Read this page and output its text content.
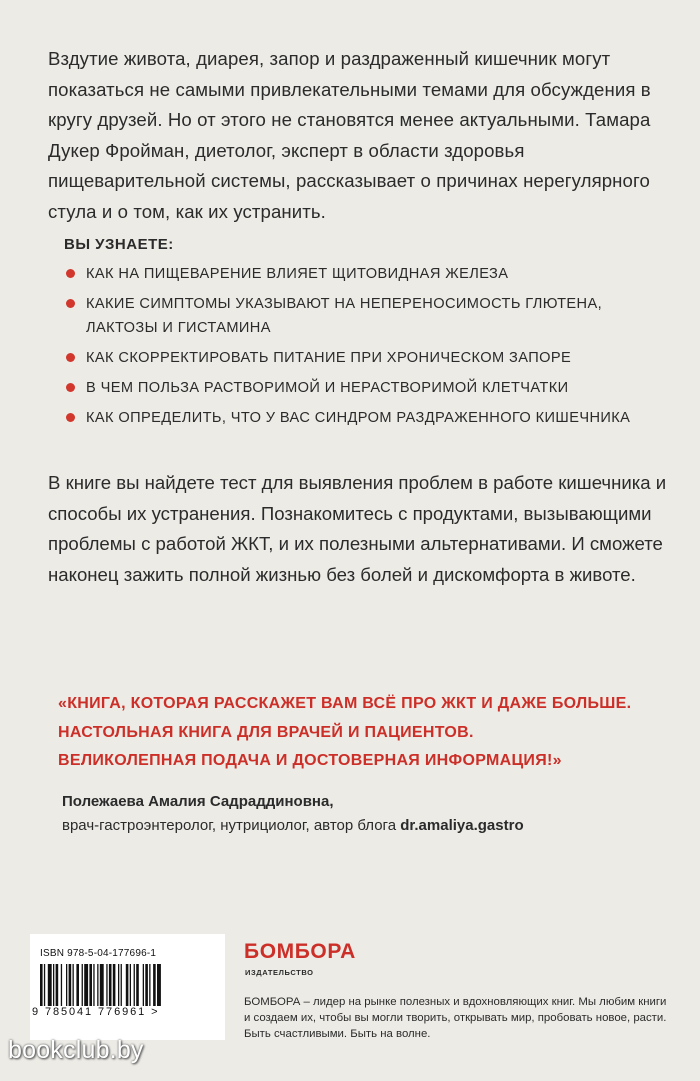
Вздутие живота, диарея, запор и раздраженный кишечник могут показаться не самыми привлекательными темами для обсуждения в кругу друзей. Но от этого не становятся менее актуальными. Тамара Дукер Фройман, диетолог, эксперт в области здоровья пищеварительной системы, рассказывает о причинах нерегулярного стула и о том, как их устранить.

ВЫ УЗНАЕТЕ:
КАК НА ПИЩЕВАРЕНИЕ ВЛИЯЕТ ЩИТОВИДНАЯ ЖЕЛЕЗА
КАКИЕ СИМПТОМЫ УКАЗЫВАЮТ НА НЕПЕРЕНОСИМОСТЬ ГЛЮТЕНА, ЛАКТОЗЫ И ГИСТАМИНА
КАК СКОРРЕКТИРОВАТЬ ПИТАНИЕ ПРИ ХРОНИЧЕСКОМ ЗАПОРЕ
В ЧЕМ ПОЛЬЗА РАСТВОРИМОЙ И НЕРАСТВОРИМОЙ КЛЕТЧАТКИ
КАК ОПРЕДЕЛИТЬ, ЧТО У ВАС СИНДРОМ РАЗДРАЖЕННОГО КИШЕЧНИКА

В книге вы найдете тест для выявления проблем в работе кишечника и способы их устранения. Познакомитесь с продуктами, вызывающими проблемы с работой ЖКТ, и их полезными альтернативами. И сможете наконец зажить полной жизнью без болей и дискомфорта в животе.

«КНИГА, КОТОРАЯ РАССКАЖЕТ ВАМ ВСЁ ПРО ЖКТ И ДАЖЕ БОЛЬШЕ.
НАСТОЛЬНАЯ КНИГА ДЛЯ ВРАЧЕЙ И ПАЦИЕНТОВ.
ВЕЛИКОЛЕПНАЯ ПОДАЧА И ДОСТОВЕРНАЯ ИНФОРМАЦИЯ!»
Полежаева Амалия Садраддиновна,
врач-гастроэнтеролог, нутрициолог, автор блога dr.amaliya.gastro
ISBN 978-5-04-177696-1
9 785041 776961 >
БОМБОРА
ИЗДАТЕЛЬСТВО
БОМБОРА – лидер на рынке полезных и вдохновляющих книг. Мы любим книги и создаем их, чтобы вы могли творить, открывать мир, пробовать новое, расти. Быть счастливыми. Быть на волне.
bookclub.by
